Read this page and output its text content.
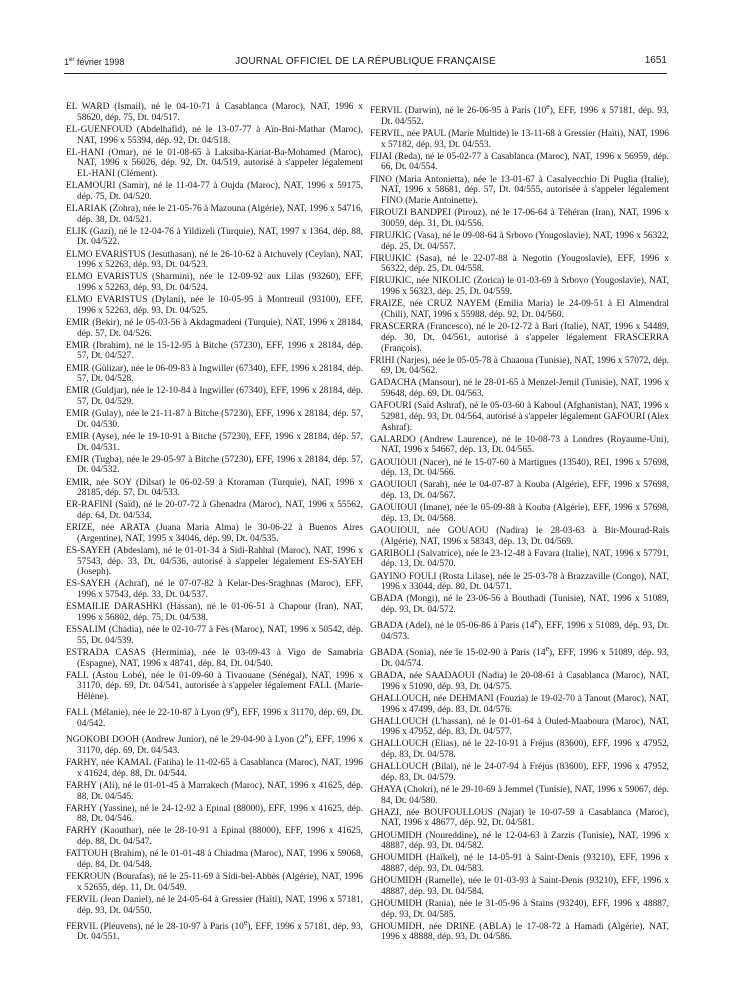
1er février 1998	JOURNAL OFFICIEL DE LA RÉPUBLIQUE FRANÇAISE	1651

EL WARD (Ismail), né le 04-10-71 à Casablanca (Maroc), NAT, 1996 x 58620, dép. 75, Dt. 04/517.

EL-GUENFOUD (Abdelhafid), né le 13-07-77 à Aïn-Bni-Mathar (Maroc), NAT, 1996 x 55394, dép. 92, Dt. 04/518.

EL-HANI (Omar), né le 01-08-65 à Laksiba-Kariat-Ba-Mohamed (Maroc), NAT, 1996 x 56026, dép. 92, Dt. 04/519, autorisé à s'appeler légalement EL-HANI (Clément).

ELAMOURI (Samir), né le 11-04-77 à Oujda (Maroc), NAT, 1996 x 59175, dép. 75, Dt. 04/520.

ELARIAK (Zohra), née le 21-05-76 à Mazouna (Algérie), NAT, 1996 x 54716, dép. 38, Dt. 04/521.

ELIK (Gazi), né le 12-04-76 à Yildizeli (Turquie), NAT, 1997 x 1364, dép. 88, Dt. 04/522.

ELMO EVARISTUS (Jesuthasan), né le 26-10-62 à Atchuvely (Ceylan), NAT, 1996 x 52263, dép. 93, Dt. 04/523.

ELMO EVARISTUS (Sharmini), née le 12-09-92 aux Lilas (93260), EFF, 1996 x 52263, dép. 93, Dt. 04/524.

ELMO EVARISTUS (Dylani), née le 10-05-95 à Montreuil (93100), EFF, 1996 x 52263, dép. 93, Dt. 04/525.

EMIR (Bekir), né le 05-03-56 à Akdagmadeni (Turquie), NAT, 1996 x 28184, dép. 57, Dt. 04/526.

EMIR (Ibrahim), né le 15-12-95 à Bitche (57230), EFF, 1996 x 28184, dép. 57, Dt. 04/527.

EMIR (Gülizar), née le 06-09-83 à Ingwiller (67340), EFF, 1996 x 28184, dép. 57, Dt. 04/528.

EMIR (Guldjar), née le 12-10-84 à Ingwiller (67340), EFF, 1996 x 28184, dép. 57, Dt. 04/529.

EMIR (Gulay), née le 21-11-87 à Bitche (57230), EFF, 1996 x 28184, dép. 57, Dt. 04/530.

EMIR (Ayse), née le 19-10-91 à Bitche (57230), EFF, 1996 x 28184, dép. 57, Dt. 04/531.

EMIR (Tugba), née le 29-05-97 à Bitche (57230), EFF, 1996 x 28184, dép. 57, Dt. 04/532.

EMIR, née SOY (Dilsat) le 06-02-59 à Ktoraman (Turquie), NAT, 1996 x 28185, dép. 57, Dt. 04/533.

ER-RAFINI (Saïd), né le 20-07-72 à Ghenadra (Maroc), NAT, 1996 x 55562, dép. 64, Dt. 04/534.

ERIZE, née ARATA (Juana Maria Alma) le 30-06-22 à Buenos Aires (Argentine), NAT, 1995 x 34046, dép. 99, Dt. 04/535.

ES-SAYEH (Abdeslam), né le 01-01-34 à Sidi-Rahhal (Maroc), NAT, 1996 x 57543, dép. 33, Dt. 04/536, autorisé à s'appeler légalement ES-SAYEH (Joseph).

ES-SAYEH (Achraf), né le 07-07-82 à Kelar-Des-Sraghnas (Maroc), EFF, 1996 x 57543, dép. 33, Dt. 04/537.

ESMAILIE DARASHKI (Hassan), né le 01-06-51 à Chapour (Iran), NAT, 1996 x 56802, dép. 75, Dt. 04/538.

ESSALIM (Chadia), née le 02-10-77 à Fès (Maroc), NAT, 1996 x 50542, dép. 55, Dt. 04/539.

ESTRADA CASAS (Herminia), née le 03-09-43 à Vigo de Samabria (Espagne), NAT, 1996 x 48741, dép. 84, Dt. 04/540.

FALL (Astou Lobé), née le 01-09-60 à Tivaouane (Sénégal), NAT, 1996 x 31170, dép. 69, Dt. 04/541, autorisée à s'appeler légalement FALL (Marie-Hélène).

FALL (Mélanie), née le 22-10-87 à Lyon (9e), EFF, 1996 x 31170, dép. 69, Dt. 04/542.

NGOKOBI DOOH (Andrew Junior), né le 29-04-90 à Lyon (2e), EFF, 1996 x 31170, dép. 69, Dt. 04/543.

FARHY, née KAMAL (Fatiha) le 11-02-65 à Casablanca (Maroc), NAT, 1996 x 41624, dép. 88, Dt. 04/544.

FARHY (Ali), né le 01-01-45 à Marrakech (Maroc), NAT, 1996 x 41625, dép. 88, Dt. 04/545.

FARHY (Yassine), né le 24-12-92 à Epinal (88000), EFF, 1996 x 41625, dép. 88, Dt. 04/546.

FARHY (Kaouthar), née le 28-10-91 à Epinal (88000), EFF, 1996 x 41625, dép. 88, Dt. 04/547.

FATTOUH (Brahim), né le 01-01-48 à Chiadma (Maroc), NAT, 1996 x 59068, dép. 84, Dt. 04/548.

FEKROUN (Bourafas), né le 25-11-69 à Sidi-bel-Abbès (Algérie), NAT, 1996 x 52655, dép. 11, Dt. 04/549.

FERVIL (Jean Daniel), né le 24-05-64 à Gressier (Haïti), NAT, 1996 x 57181, dép. 93, Dt. 04/550.

FERVIL (Pleuvens), né le 28-10-97 à Paris (10e), EFF, 1996 x 57181, dép. 93, Dt. 04/551.

FERVIL (Darwin), né le 26-06-95 à Paris (10e), EFF, 1996 x 57181, dép. 93, Dt. 04/552.

FERVIL, née PAUL (Marie Multide) le 13-11-68 à Gressier (Haïti), NAT, 1996 x 57182, dép. 93, Dt. 04/553.

FIJAI (Reda), né le 05-02-77 à Casablanca (Maroc), NAT, 1996 x 56959, dép. 66, Dt. 04/554.

FINO (Maria Antonietta), née le 13-01-67 à Casalvecchio Di Puglia (Italie), NAT, 1996 x 58681, dép. 57, Dt. 04/555, autorisée à s'appeler légalement FINO (Marie Antoinette).

FIROUZI BANDPEI (Pirouz), né le 17-06-64 à Téhéran (Iran), NAT, 1996 x 30059, dép. 31, Dt. 04/556.

FIRUJKIC (Vasa), né le 09-08-64 à Srbovo (Yougoslavie), NAT, 1996 x 56322, dép. 25, Dt. 04/557.

FIRUJKIC (Sasa), né le 22-07-88 à Negotin (Yougoslavie), EFF, 1996 x 56322, dép. 25, Dt. 04/558.

FIRUJKIC, née NIKOLIC (Zorica) le 01-03-69 à Srbovo (Yougoslavie), NAT, 1996 x 56323, dép. 25, Dt. 04/559.

FRAIZE, née CRUZ NAYEM (Emilia Maria) le 24-09-51 à El Almendral (Chili), NAT, 1996 x 55988, dép. 92, Dt. 04/560.

FRASCERRA (Francesco), né le 20-12-72 à Bari (Italie), NAT, 1996 x 54489, dép. 30, Dt. 04/561, autorisé à s'appeler légalement FRASCERRA (François).

FRIHI (Narjes), née le 05-05-78 à Chaaoua (Tunisie), NAT, 1996 x 57072, dép. 69, Dt. 04/562.

GADACHA (Mansour), né le 28-01-65 à Menzel-Jemil (Tunisie), NAT, 1996 x 59648, dép. 69, Dt. 04/563.

GAFOURI (Saïd Ashraf), né le 05-03-60 à Kaboul (Afghanistan), NAT, 1996 x 52981, dép. 93, Dt. 04/564, autorisé à s'appeler légalement GAFOURI (Alex Ashraf).

GALARDO (Andrew Laurence), né le 10-08-73 à Londres (Royaume-Uni), NAT, 1996 x 54667, dép. 13, Dt. 04/565.

GAOUIOUI (Nacer), né le 15-07-60 à Martigues (13540), REI, 1996 x 57698, dép. 13, Dt. 04/566.

GAOUIOUI (Sarah), née le 04-07-87 à Kouba (Algérie), EFF, 1996 x 57698, dép. 13, Dt. 04/567.

GAOUIOUI (Imane), née le 05-09-88 à Kouba (Algérie), EFF, 1996 x 57698, dép. 13, Dt. 04/568.

GAOUIOUI, née GOUAOU (Nadira) le 28-03-63 à Bir-Mourad-Raïs (Algérie), NAT, 1996 x 58343, dép. 13, Dt. 04/569.

GARIBOLI (Salvatrice), née le 23-12-48 à Favara (Italie), NAT, 1996 x 57791, dép. 13, Dt. 04/570.

GAYINO FOULI (Rosta Lilase), née le 25-03-78 à Brazzaville (Congo), NAT, 1996 x 33044, dép. 80, Dt. 04/571.

GBADA (Mongi), né le 23-06-56 à Bouthadi (Tunisie), NAT, 1996 x 51089, dép. 93, Dt. 04/572.

GBADA (Adel), né le 05-06-86 à Paris (14e), EFF, 1996 x 51089, dép. 93, Dt. 04/573.

GBADA (Sonia), née le 15-02-90 à Paris (14e), EFF, 1996 x 51089, dép. 93, Dt. 04/574.

GBADA, née SAADAOUI (Nadia) le 20-08-61 à Casablanca (Maroc), NAT, 1996 x 51090, dép. 93, Dt. 04/575.

GHALLOUCH, née DEHMANI (Fouzia) le 19-02-70 à Tanout (Maroc), NAT, 1996 x 47499, dép. 83, Dt. 04/576.

GHALLOUCH (L'hassan), né le 01-01-64 à Ouled-Maaboura (Maroc), NAT, 1996 x 47952, dép. 83, Dt. 04/577.

GHALLOUCH (Elias), né le 22-10-91 à Fréjus (83600), EFF, 1996 x 47952, dép. 83, Dt. 04/578.

GHALLOUCH (Bilal), né le 24-07-94 à Fréjus (83600), EFF, 1996 x 47952, dép. 83, Dt. 04/579.

GHAYA (Chokri), né le 29-10-69 à Jemmel (Tunisie), NAT, 1996 x 59067, dép. 84, Dt. 04/580.

GHAZI, née BOUFOULLOUS (Najat) le 10-07-59 à Casablanca (Maroc), NAT, 1996 x 48677, dép. 92, Dt. 04/581.

GHOUMIDH (Noureddine), né le 12-04-63 à Zarzis (Tunisie), NAT, 1996 x 48887, dép. 93, Dt. 04/582.

GHOUMIDH (Haïkel), né le 14-05-91 à Saint-Denis (93210), EFF, 1996 x 48887, dép. 93, Dt. 04/583.

GHOUMIDH (Ramelle), née le 01-03-93 à Saint-Denis (93210), EFF, 1996 x 48887, dép. 93, Dt. 04/584.

GHOUMIDH (Rania), née le 31-05-96 à Stains (93240), EFF, 1996 x 48887, dép. 93, Dt. 04/585.

GHOUMIDH, née DRINE (ABLA) le 17-08-72 à Hamadi (Algérie), NAT, 1996 x 48888, dép. 93, Dt. 04/586.
